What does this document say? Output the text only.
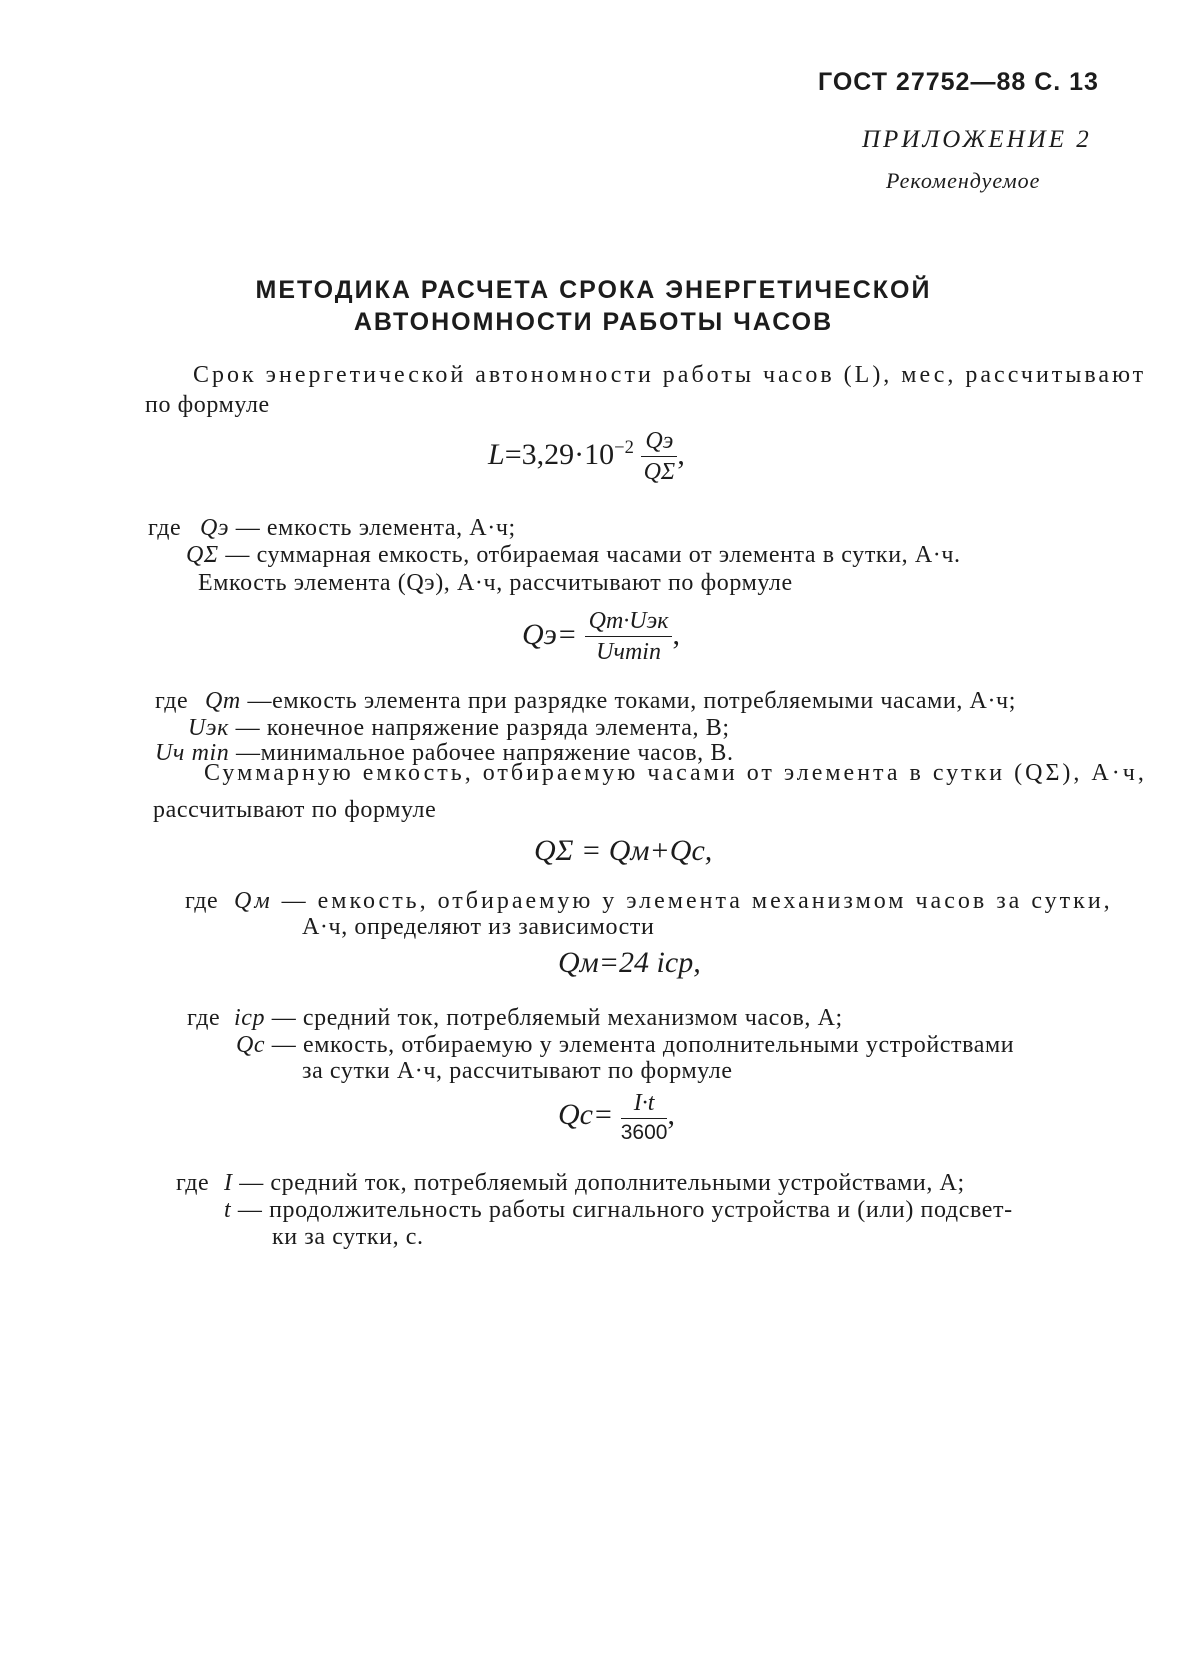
ГОСТ 27752—88 С. 13
ПРИЛОЖЕНИЕ 2
Рекомендуемое
МЕТОДИКА РАСЧЕТА СРОКА ЭНЕРГЕТИЧЕСКОЙ
АВТОНОМНОСТИ РАБОТЫ ЧАСОВ
Срок энергетической автономности работы часов (L), мес, рассчитывают
по формуле
$L=3,29\cdot 10^{-2} \frac{Qэ}{Q\Sigma}$ ,
где Qэ — емкость элемента, А·ч;
QΣ — суммарная емкость, отбираемая часами от элемента в сутки, А·ч.
Емкость элемента (Qэ), А·ч, рассчитывают по формуле
$Qэ= \frac{\text{Qт·Uэк}}{Uч\min}$ ,
где Qт —емкость элемента при разрядке токами, потребляемыми часами, А·ч;
Uэк — конечное напряжение разряда элемента, В;
Uч min —минимальное рабочее напряжение часов, В.
Суммарную емкость, отбираемую часами от элемента в сутки (QΣ), А·ч,
рассчитывают по формуле
QΣ = Qм+Qс,
где Qм — емкость, отбираемую у элемента механизмом часов за сутки,
А·ч, определяют из зависимости
Qм=24 iср,
где iср — средний ток, потребляемый механизмом часов, А;
Qс — емкость, отбираемую у элемента дополнительными устройствами
за сутки А·ч, рассчитывают по формуле
$Qс= \frac{I\cdot t}{3600}$ ,
где I — средний ток, потребляемый дополнительными устройствами, А;
t — продолжительность работы сигнального устройства и (или) подсвет-
ки за сутки, с.
